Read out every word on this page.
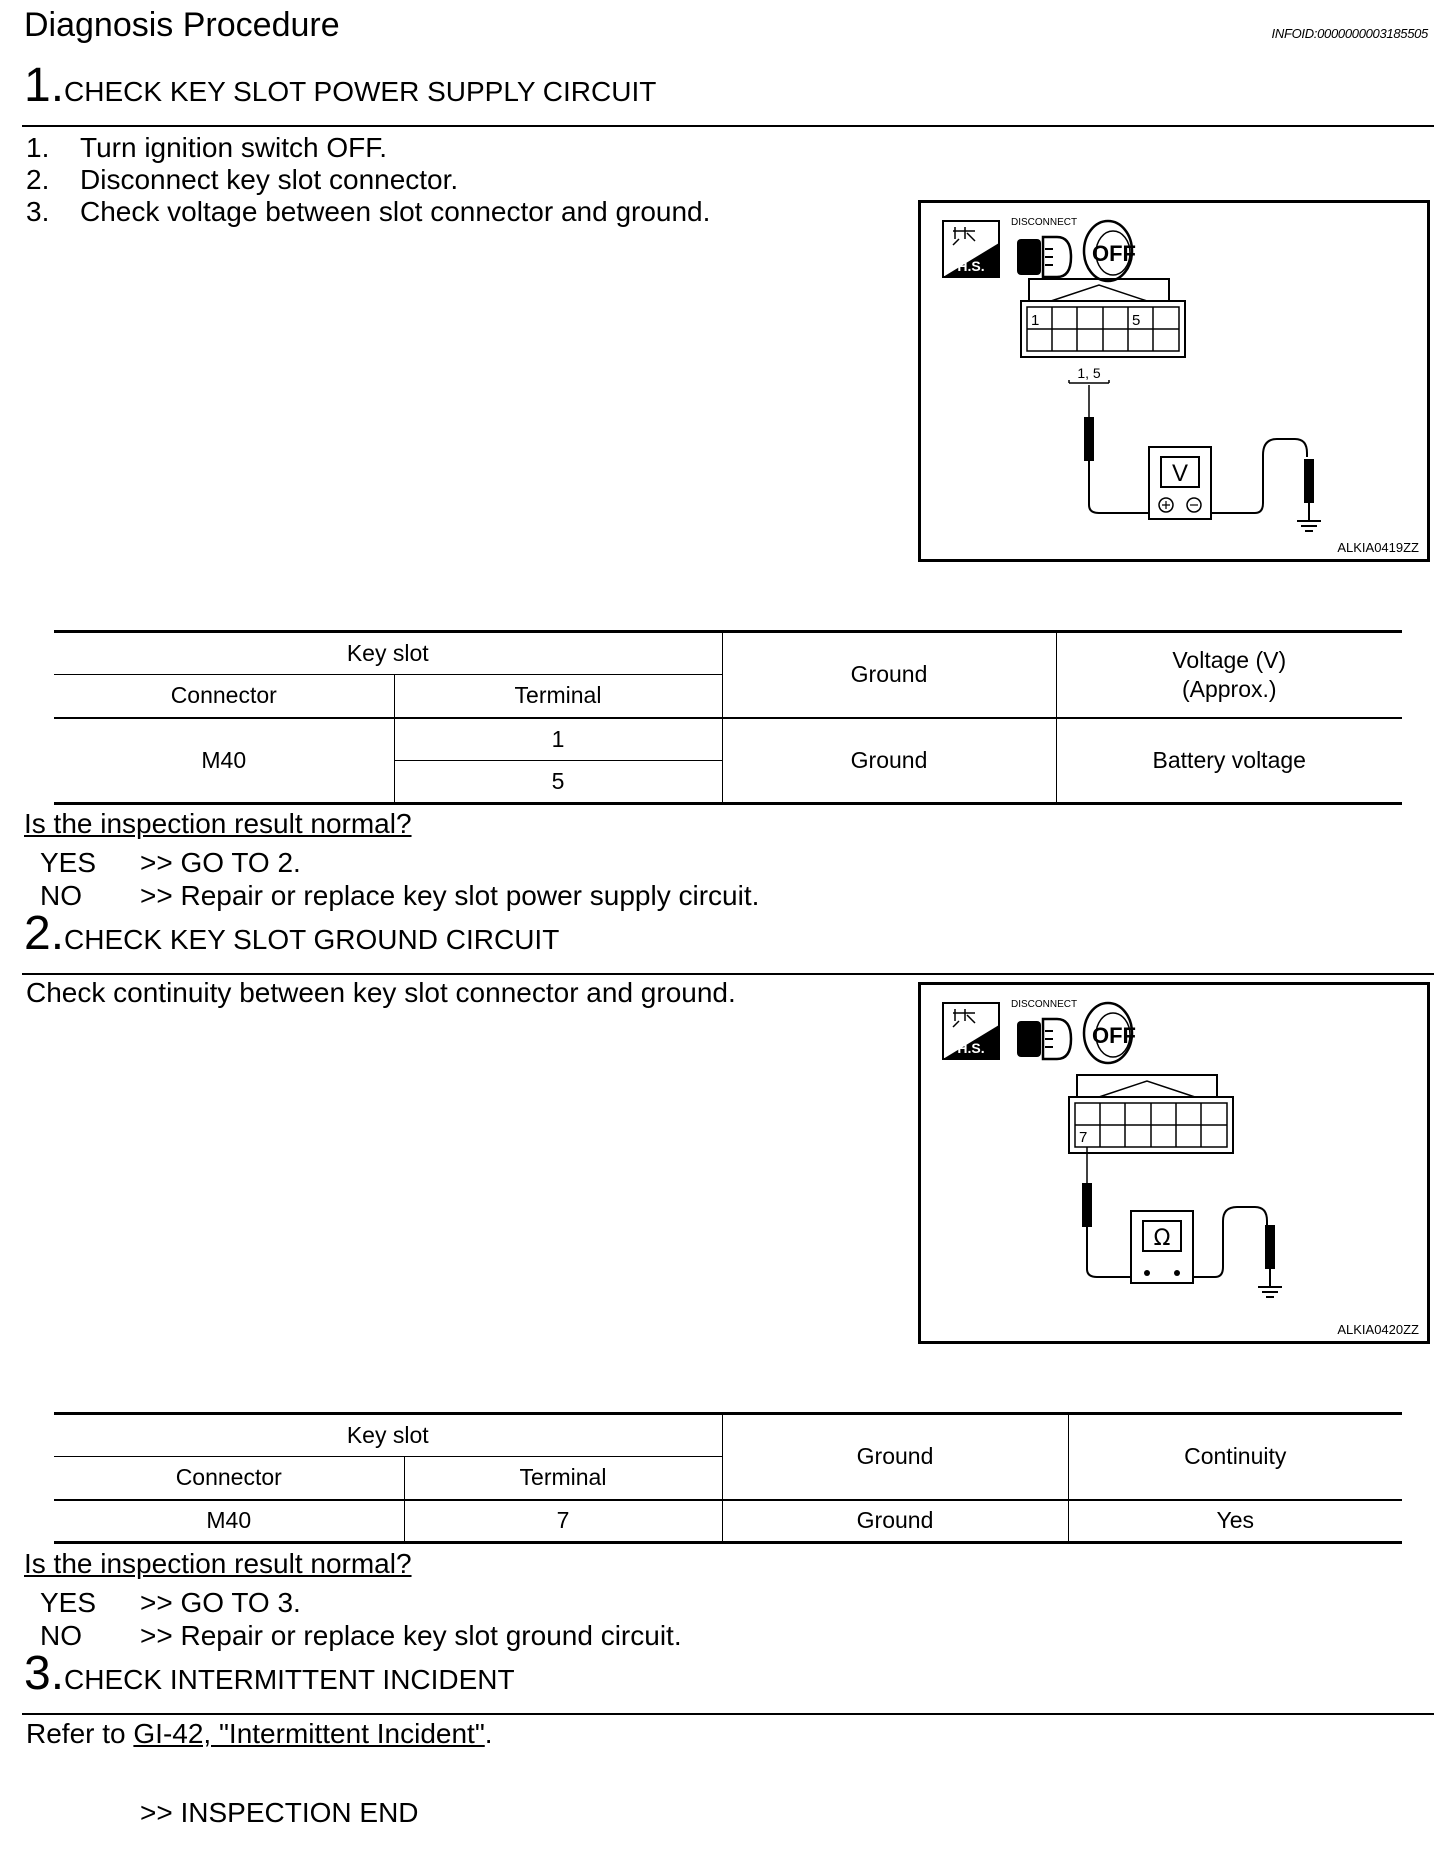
Diagnosis Procedure	INFOID:0000000003185505
1.CHECK KEY SLOT POWER SUPPLY CIRCUIT
1.	Turn ignition switch OFF.
2.	Disconnect key slot connector.
3.	Check voltage between slot connector and ground.
H.S.
DISCONNECT
OFF
1	5
1, 5
V
ALKIA0419ZZ
Key slot		Ground	Voltage (V)
(Approx.)
Connector	Terminal		
M40	1	Ground	Battery voltage
	5		
Is the inspection result normal?
YES	>> GO TO 2.
NO	>> Repair or replace key slot power supply circuit.
2.CHECK KEY SLOT GROUND CIRCUIT
Check continuity between key slot connector and ground.
H.S.
DISCONNECT
OFF
7
Ω
ALKIA0420ZZ
Key slot		Ground	Continuity
Connector	Terminal		
M40	7	Ground	Yes
Is the inspection result normal?
YES	>> GO TO 3.
NO	>> Repair or replace key slot ground circuit.
3.CHECK INTERMITTENT INCIDENT
Refer to GI-42, "Intermittent Incident".
>> INSPECTION END
